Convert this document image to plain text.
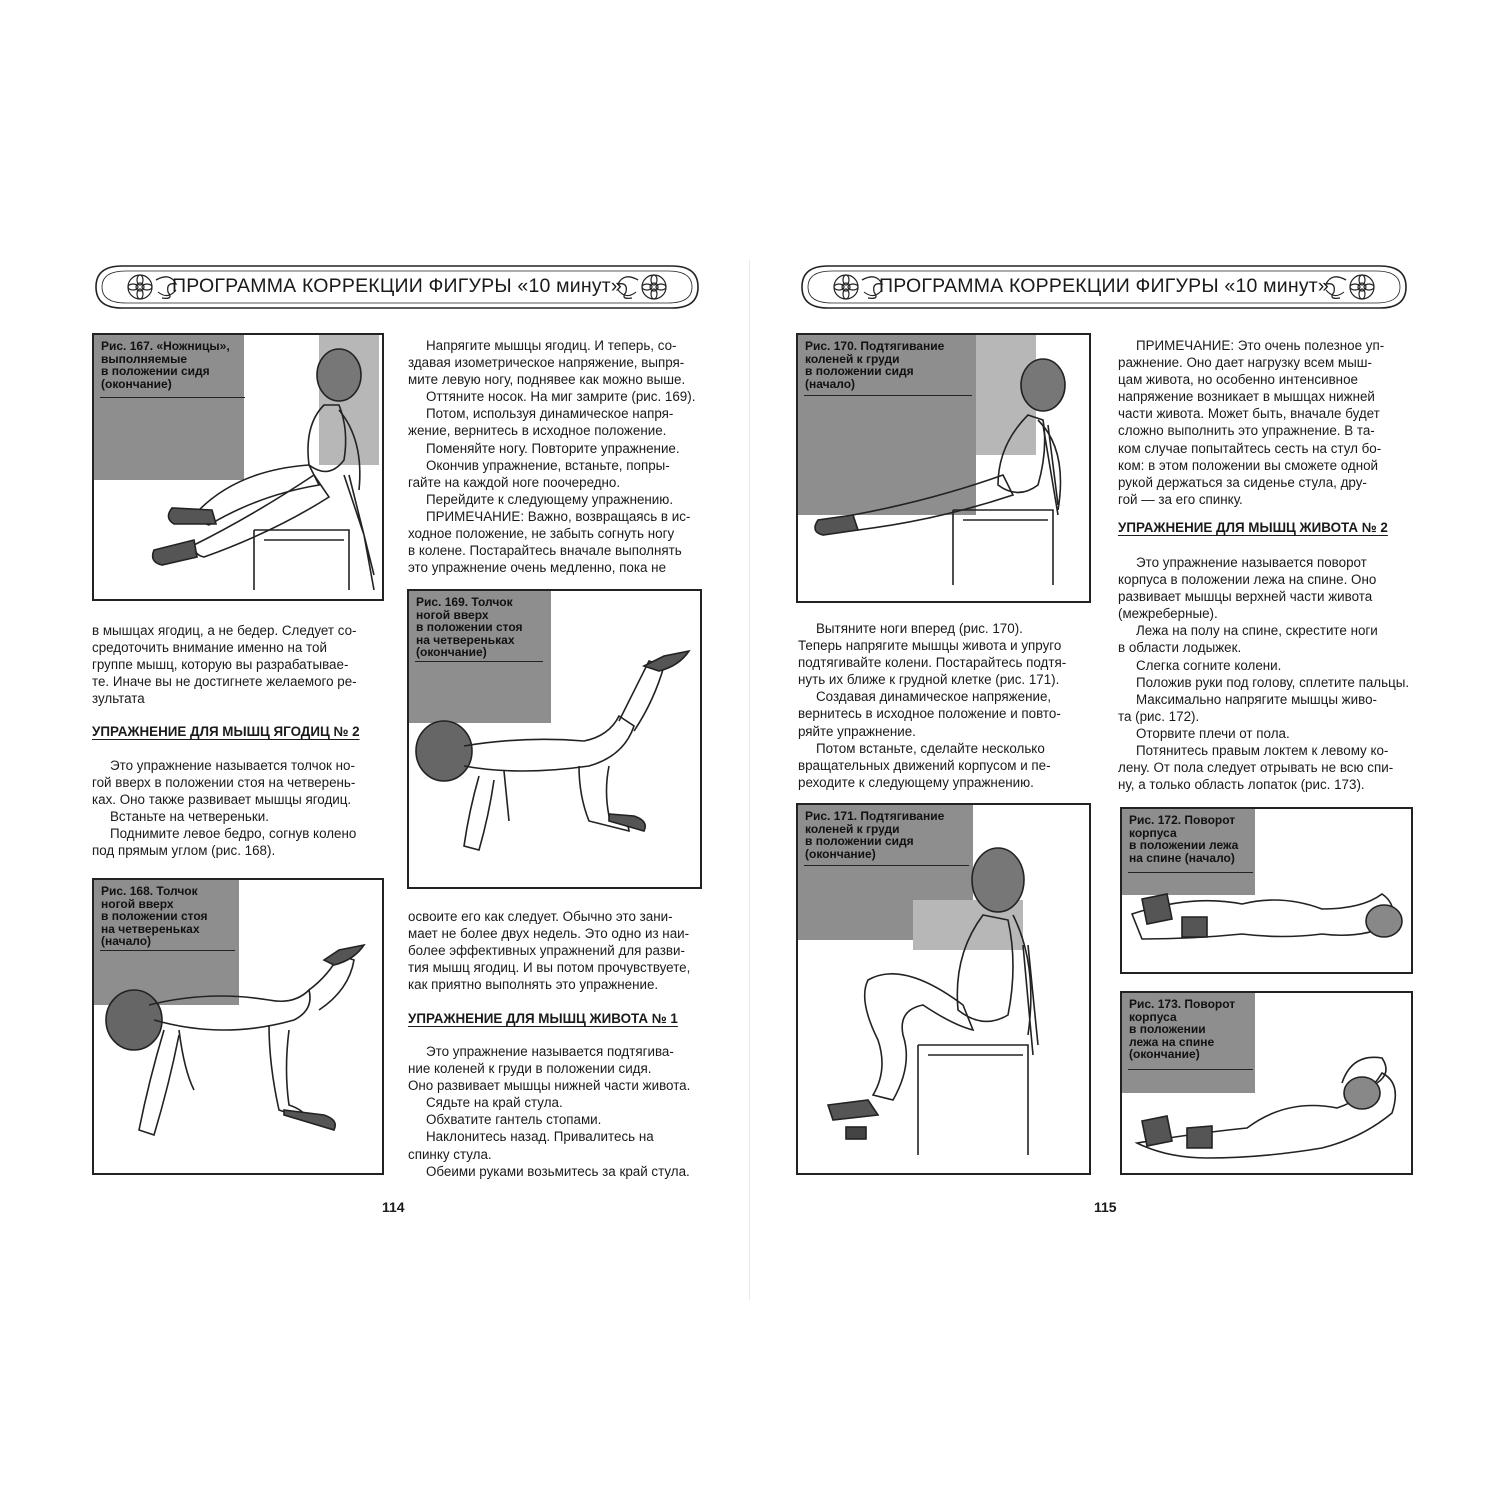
ПРОГРАММА КОРРЕКЦИИ ФИГУРЫ «10 минут»
Рис. 167. «Ножницы»,
выполняемые
в положении сидя
(окончание)
Напрягите мышцы ягодиц. И теперь, со-
здавая изометрическое напряжение, выпря-
мите левую ногу, поднявее как можно выше.
Оттяните носок. На миг замрите (рис. 169).
Потом, используя динамическое напря-
жение, вернитесь в исходное положение.
Поменяйте ногу. Повторите упражнение.
Окончив упражнение, встаньте, попры-
гайте на каждой ноге поочередно.
Перейдите к следующему упражнению.
ПРИМЕЧАНИЕ: Важно, возвращаясь в ис-
ходное положение, не забыть согнуть ногу
в колене. Постарайтесь вначале выполнять
это упражнение очень медленно, пока не
в мышцах ягодиц, а не бедер. Следует со-
средоточить внимание именно на той
группе мышц, которую вы разрабатывае-
те. Иначе вы не достигнете желаемого ре-
зультата
УПРАЖНЕНИЕ ДЛЯ МЫШЦ ЯГОДИЦ № 2
Это упражнение называется толчок но-
гой вверх в положении стоя на четверень-
ках. Оно также развивает мышцы ягодиц.
Встаньте на четвереньки.
Поднимите левое бедро, согнув колено
под прямым углом (рис. 168).
Рис. 168. Толчок
ногой вверх
в положении стоя
на четвереньках
(начало)
Рис. 169. Толчок
ногой вверх
в положении стоя
на четвереньках
(окончание)
освоите его как следует. Обычно это зани-
мает не более двух недель. Это одно из наи-
более эффективных упражнений для разви-
тия мышц ягодиц. И вы потом прочувствуете,
как приятно выполнять это упражнение.
УПРАЖНЕНИЕ ДЛЯ МЫШЦ ЖИВОТА № 1
Это упражнение называется подтягива-
ние коленей к груди в положении сидя.
Оно развивает мышцы нижней части живота.
Сядьте на край стула.
Обхватите гантель стопами.
Наклонитесь назад. Привалитесь на
спинку стула.
Обеими руками возьмитесь за край стула.
114
ПРОГРАММА КОРРЕКЦИИ ФИГУРЫ «10 минут»
Рис. 170. Подтягивание
коленей к груди
в положении сидя
(начало)
ПРИМЕЧАНИЕ: Это очень полезное уп-
ражнение. Оно дает нагрузку всем мыш-
цам живота, но особенно интенсивное
напряжение возникает в мышцах нижней
части живота. Может быть, вначале будет
сложно выполнить это упражнение. В та-
ком случае попытайтесь сесть на стул бо-
ком: в этом положении вы сможете одной
рукой держаться за сиденье стула, дру-
гой — за его спинку.
УПРАЖНЕНИЕ ДЛЯ МЫШЦ ЖИВОТА № 2
Это упражнение называется поворот
корпуса в положении лежа на спине. Оно
развивает мышцы верхней части живота
(межреберные).
Лежа на полу на спине, скрестите ноги
в области лодыжек.
Слегка согните колени.
Положив руки под голову, сплетите пальцы.
Максимально напрягите мышцы живо-
та (рис. 172).
Оторвите плечи от пола.
Потянитесь правым локтем к левому ко-
лену. От пола следует отрывать не всю спи-
ну, а только область лопаток (рис. 173).
Вытяните ноги вперед (рис. 170).
Теперь напрягите мышцы живота и упруго
подтягивайте колени. Постарайтесь подтя-
нуть их ближе к грудной клетке (рис. 171).
Создавая динамическое напряжение,
вернитесь в исходное положение и повто-
ряйте упражнение.
Потом встаньте, сделайте несколько
вращательных движений корпусом и пе-
реходите к следующему упражнению.
Рис. 171. Подтягивание
коленей к груди
в положении сидя
(окончание)
Рис. 172. Поворот
корпуса
в положении лежа
на спине (начало)
Рис. 173. Поворот
корпуса
в положении
лежа на спине
(окончание)
115
